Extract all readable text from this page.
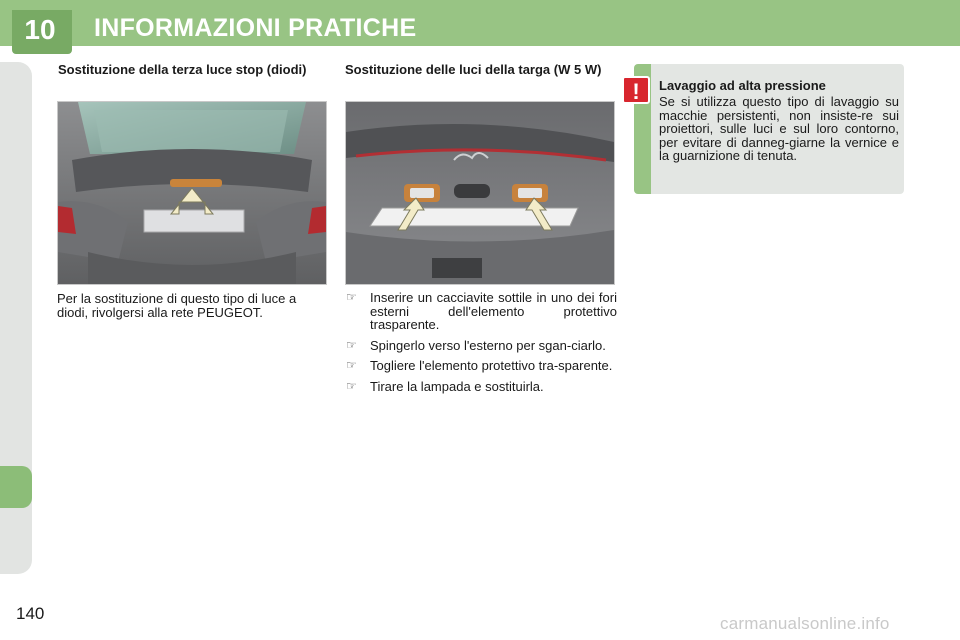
10	INFORMAZIONI PRATICHE
Sostituzione della terza luce stop (diodi)
Per la sostituzione di questo tipo di luce a diodi, rivolgersi alla rete PEUGEOT.
Sostituzione delle luci della targa (W 5 W)
☞ Inserire un cacciavite sottile in uno dei fori esterni dell'elemento protettivo trasparente.
☞ Spingerlo verso l'esterno per sgan-ciarlo.
☞ Togliere l'elemento protettivo tra-sparente.
☞ Tirare la lampada e sostituirla.
!	Lavaggio ad alta pressione
Se si utilizza questo tipo di lavaggio su macchie persistenti, non insiste-re sui proiettori, sulle luci e sul loro contorno, per evitare di danneg-giarne la vernice e la guarnizione di tenuta.
140
carmanualsonline.info
